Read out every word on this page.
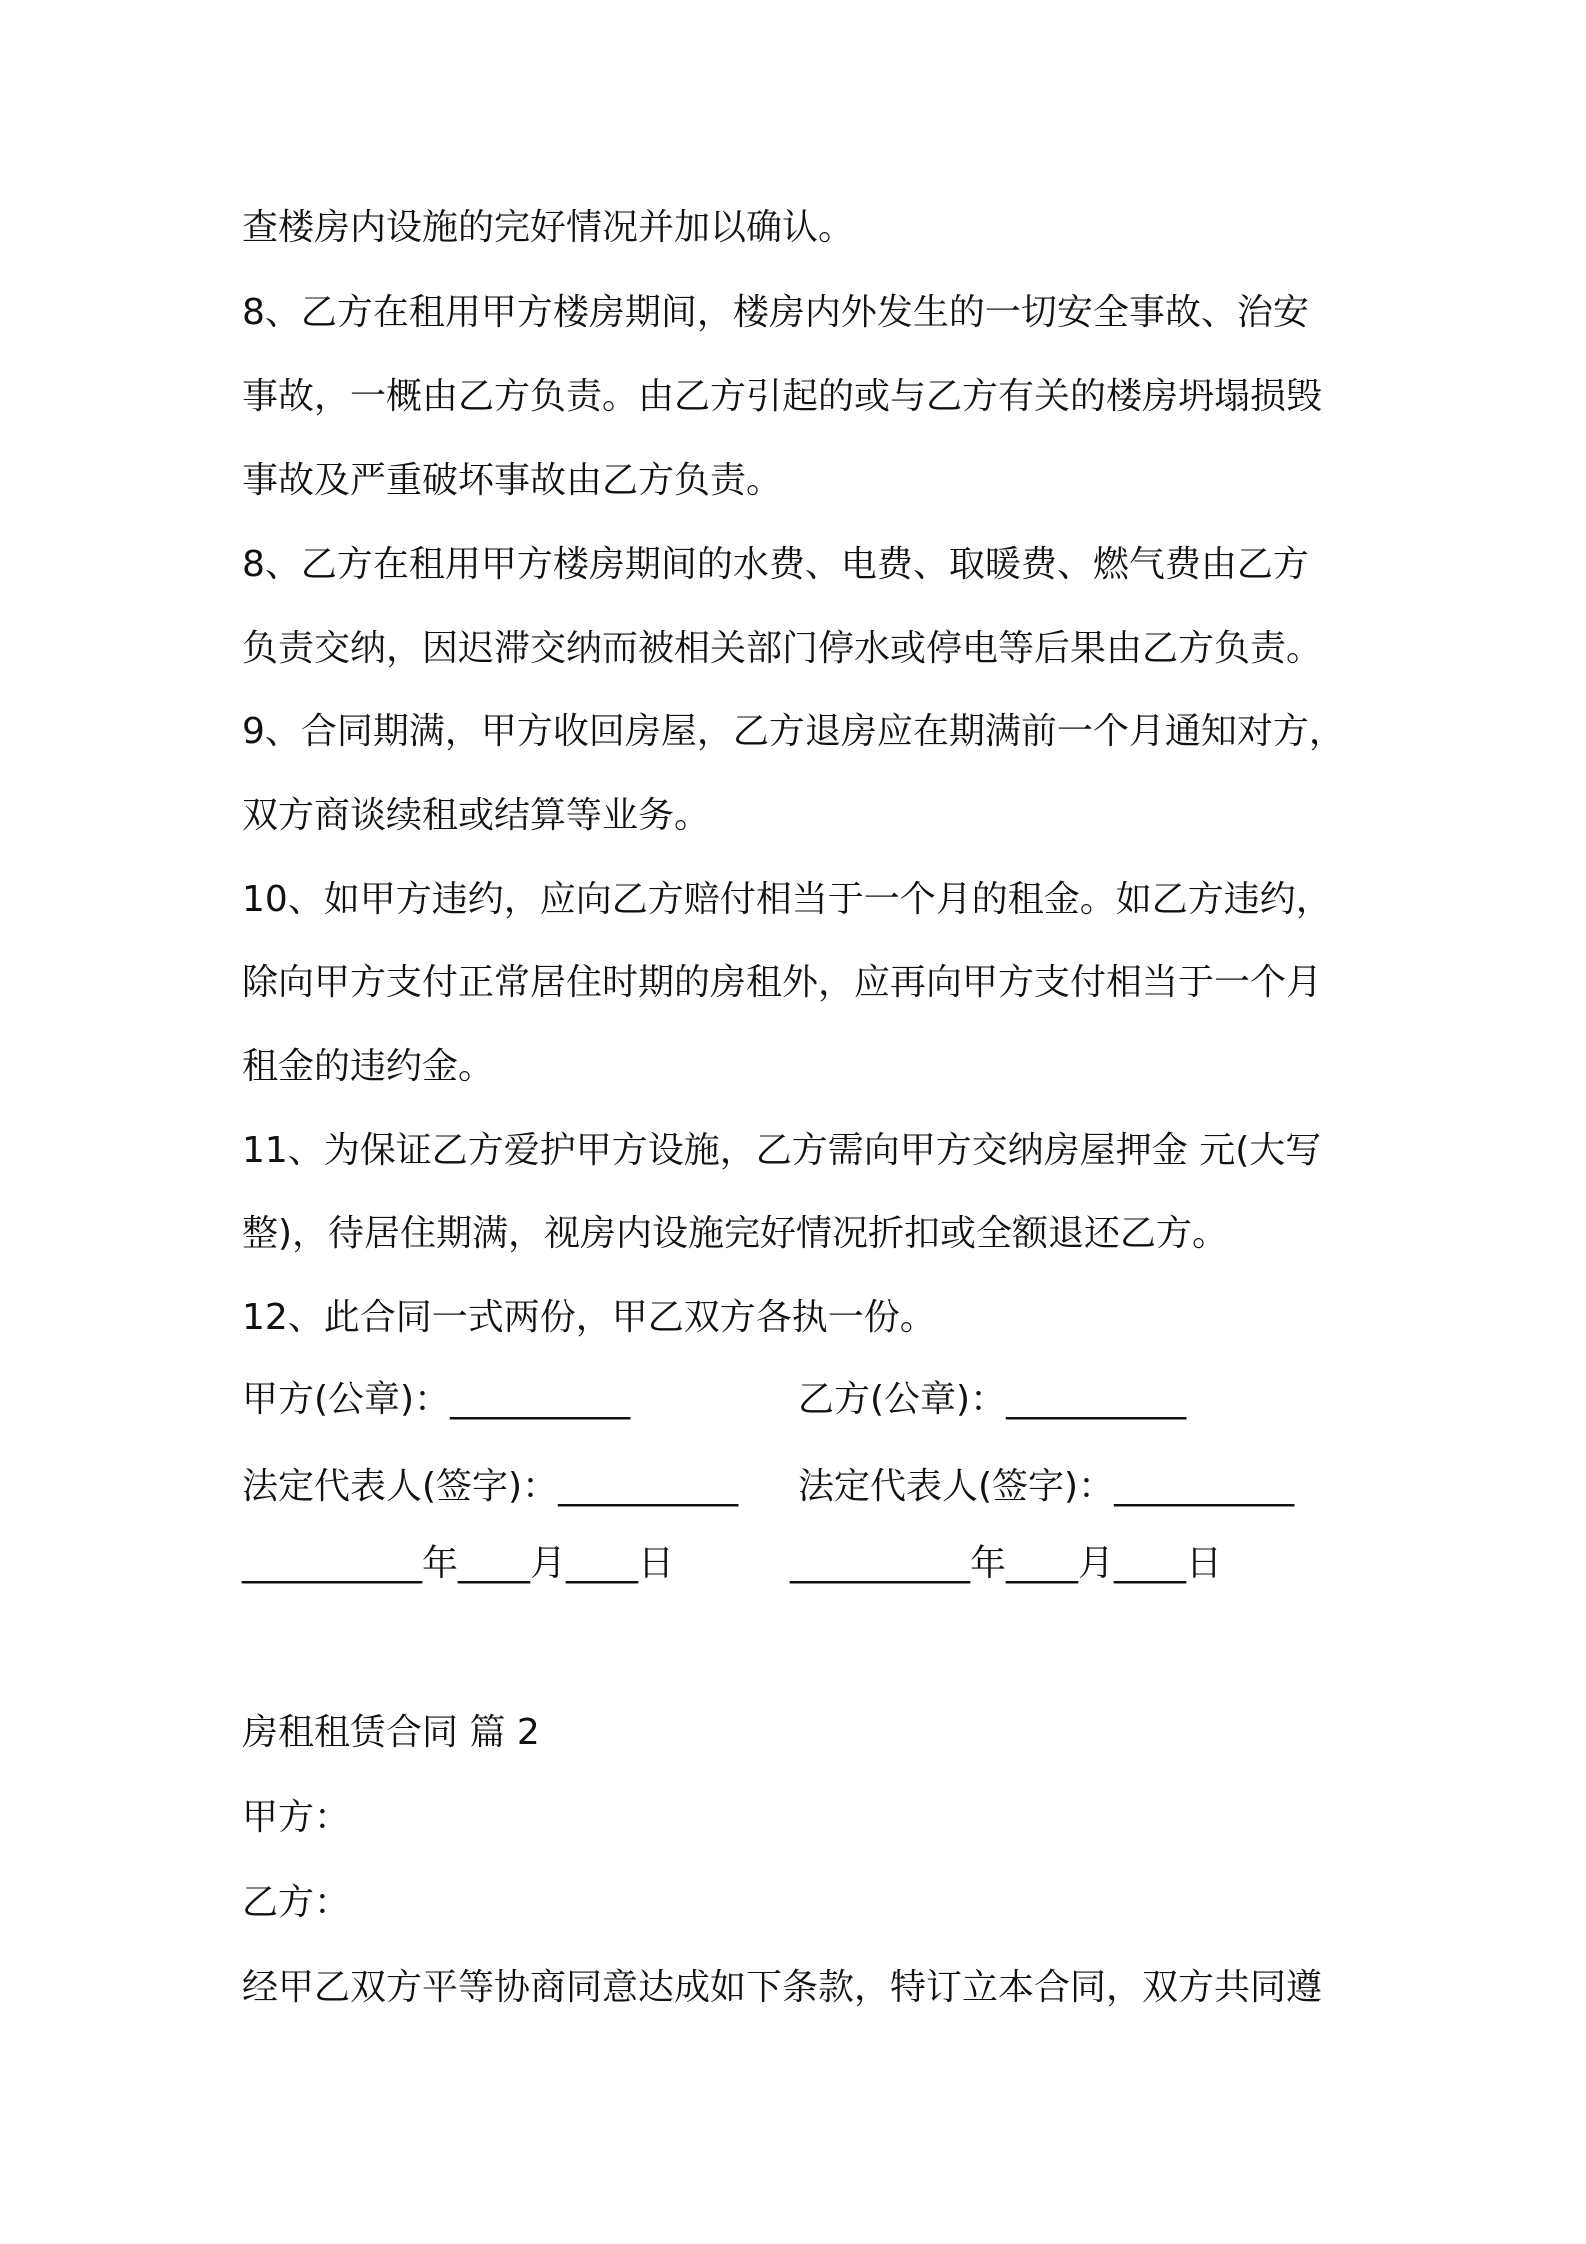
查楼房内设施的完好情况并加以确认。
8、乙方在租用甲方楼房期间，楼房内外发生的一切安全事故、治安
事故，一概由乙方负责。由乙方引起的或与乙方有关的楼房坍塌损毁
事故及严重破坏事故由乙方负责。
8、乙方在租用甲方楼房期间的水费、电费、取暖费、燃气费由乙方
负责交纳，因迟滞交纳而被相关部门停水或停电等后果由乙方负责。
9、合同期满，甲方收回房屋，乙方退房应在期满前一个月通知对方，
双方商谈续租或结算等业务。
10、如甲方违约，应向乙方赔付相当于一个月的租金。如乙方违约，
除向甲方支付正常居住时期的房租外，应再向甲方支付相当于一个月
租金的违约金。
11、为保证乙方爱护甲方设施，乙方需向甲方交纳房屋押金 元(大写
整)，待居住期满，视房内设施完好情况折扣或全额退还乙方。
12、此合同一式两份，甲乙双方各执一份。
甲方(公章)：__________	乙方(公章)：__________
法定代表人(签字)：__________ 法定代表人(签字)：__________
__________年____月____日	__________年____月____日
房租租赁合同 篇 2
甲方：
乙方：
经甲乙双方平等协商同意达成如下条款，特订立本合同，双方共同遵
